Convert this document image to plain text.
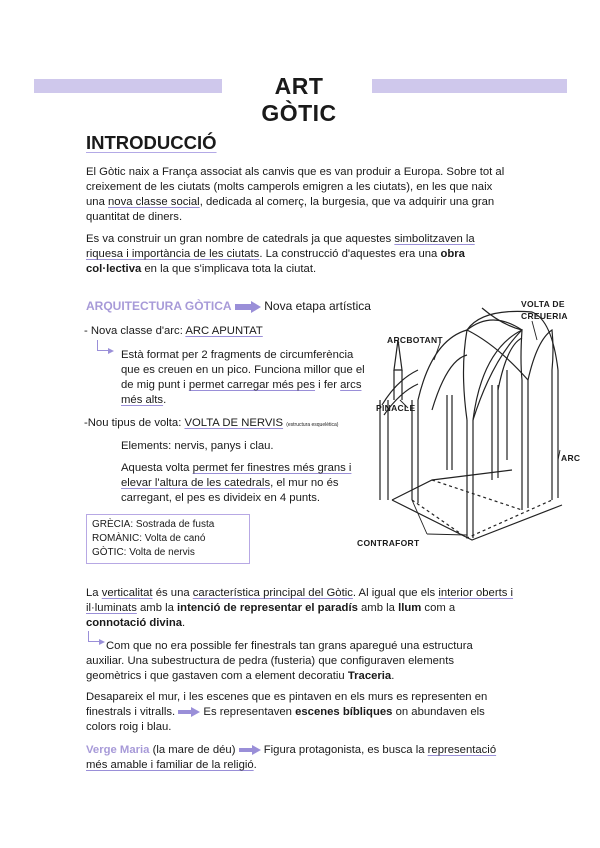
ART GÒTIC
INTRODUCCIÓ
El Gòtic naix a França associat als canvis que es van produir a Europa. Sobre tot al creixement de les ciutats (molts camperols emigren a les ciutats), en les que naix una nova classe social, dedicada al comerç, la burgesia, que va adquirir una gran quantitat de diners.
Es va construir un gran nombre de catedrals ja que aquestes simbolitzaven la riquesa i importància de les ciutats. La construcció d'aquestes era una obra col·lectiva en la que s'implicava tota la ciutat.
ARQUITECTURA GÒTICA	Nova etapa artística
- Nova classe d'arc: ARC APUNTAT
Està format per 2 fragments de circumferència que es creuen en un pico. Funciona millor que el de mig punt i permet carregar més pes i fer arcs més alts.
-Nou tipus de volta: VOLTA DE NERVIS (estructura esquelètica)
Elements: nervis, panys i clau.
Aquesta volta permet fer finestres més grans i elevar l'altura de les catedrals, el mur no és carregant, el pes es divideix en 4 punts.
GRÈCIA: Sostrada de fusta
ROMÀNIC: Volta de canó
GÒTIC: Volta de nervis
VOLTA DE
CREUERIA
ARCBOTANT
PINACLE
ARC
CONTRAFORT
La verticalitat és una característica principal del Gòtic. Al igual que els interior oberts i il·luminats amb la intenció de representar el paradís amb la llum com a connotació divina.
Com que no era possible fer finestrals tan grans aparegué una estructura auxiliar. Una subestructura de pedra (fusteria) que configuraven elements geomètrics i que gastaven com a element decoratiu Traceria.
Desapareix el mur, i les escenes que es pintaven en els murs es representen en finestrals i vitralls.  Es representaven escenes bíbliques on abundaven els colors roig i blau.
Verge Maria (la mare de déu)  Figura protagonista, es busca la representació més amable i familiar de la religió.
